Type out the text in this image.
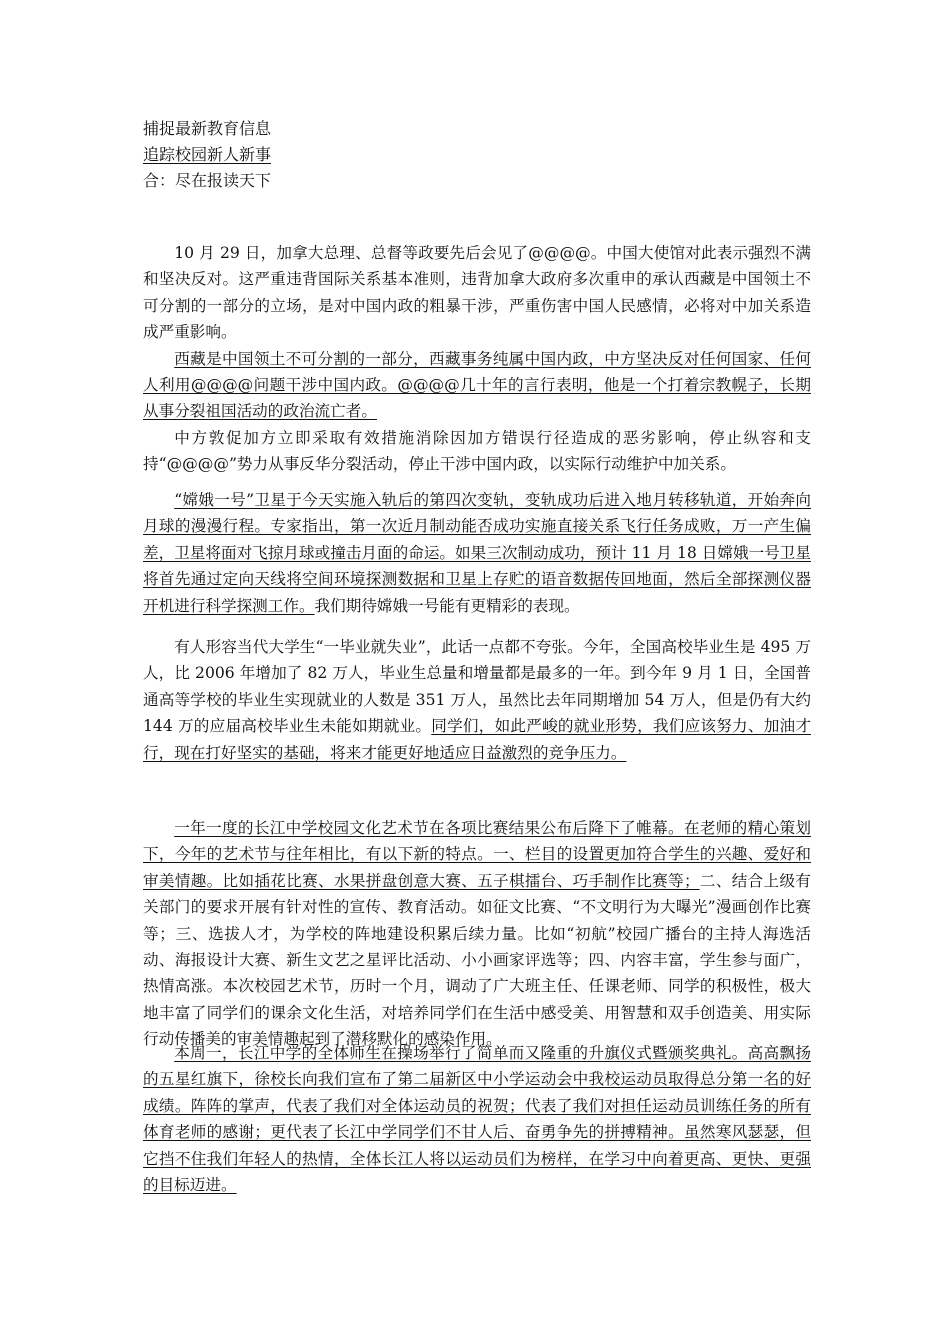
捕捉最新教育信息
追踪校园新人新事
合：尽在报读天下

10 月 29 日，加拿大总理、总督等政要先后会见了@@@@。中国大使馆对此表示强烈不满和坚决反对。这严重违背国际关系基本准则，违背加拿大政府多次重申的承认西藏是中国领土不可分割的一部分的立场，是对中国内政的粗暴干涉，严重伤害中国人民感情，必将对中加关系造成严重影响。

西藏是中国领土不可分割的一部分，西藏事务纯属中国内政，中方坚决反对任何国家、任何人利用@@@@问题干涉中国内政。@@@@几十年的言行表明，他是一个打着宗教幌子，长期从事分裂祖国活动的政治流亡者。

中方敦促加方立即采取有效措施消除因加方错误行径造成的恶劣影响，停止纵容和支持“@@@@”势力从事反华分裂活动，停止干涉中国内政，以实际行动维护中加关系。

“嫦娥一号”卫星于今天实施入轨后的第四次变轨，变轨成功后进入地月转移轨道，开始奔向月球的漫漫行程。专家指出，第一次近月制动能否成功实施直接关系飞行任务成败，万一产生偏差，卫星将面对飞掠月球或撞击月面的命运。如果三次制动成功，预计 11 月 18 日嫦娥一号卫星将首先通过定向天线将空间环境探测数据和卫星上存贮的语音数据传回地面，然后全部探测仪器开机进行科学探测工作。我们期待嫦娥一号能有更精彩的表现。

有人形容当代大学生“一毕业就失业”，此话一点都不夸张。今年，全国高校毕业生是 495 万人，比 2006 年增加了 82 万人，毕业生总量和增量都是最多的一年。到今年 9 月 1 日，全国普通高等学校的毕业生实现就业的人数是 351 万人，虽然比去年同期增加 54 万人，但是仍有大约 144 万的应届高校毕业生未能如期就业。同学们，如此严峻的就业形势，我们应该努力、加油才行，现在打好坚实的基础，将来才能更好地适应日益激烈的竞争压力。

一年一度的长江中学校园文化艺术节在各项比赛结果公布后降下了帷幕。在老师的精心策划下，今年的艺术节与往年相比，有以下新的特点。一、栏目的设置更加符合学生的兴趣、爱好和审美情趣。比如插花比赛、水果拼盘创意大赛、五子棋擂台、巧手制作比赛等；二、结合上级有关部门的要求开展有针对性的宣传、教育活动。如征文比赛、“不文明行为大曝光”漫画创作比赛等；三、选拔人才，为学校的阵地建设积累后续力量。比如“初航”校园广播台的主持人海选活动、海报设计大赛、新生文艺之星评比活动、小小画家评选等；四、内容丰富，学生参与面广，热情高涨。本次校园艺术节，历时一个月，调动了广大班主任、任课老师、同学的积极性，极大地丰富了同学们的课余文化生活，对培养同学们在生活中感受美、用智慧和双手创造美、用实际行动传播美的审美情趣起到了潜移默化的感染作用。

本周一，长江中学的全体师生在操场举行了简单而又隆重的升旗仪式暨颁奖典礼。高高飘扬的五星红旗下，徐校长向我们宣布了第二届新区中小学运动会中我校运动员取得总分第一名的好成绩。阵阵的掌声，代表了我们对全体运动员的祝贺；代表了我们对担任运动员训练任务的所有体育老师的感谢；更代表了长江中学同学们不甘人后、奋勇争先的拼搏精神。虽然寒风瑟瑟，但它挡不住我们年轻人的热情，全体长江人将以运动员们为榜样，在学习中向着更高、更快、更强的目标迈进。
